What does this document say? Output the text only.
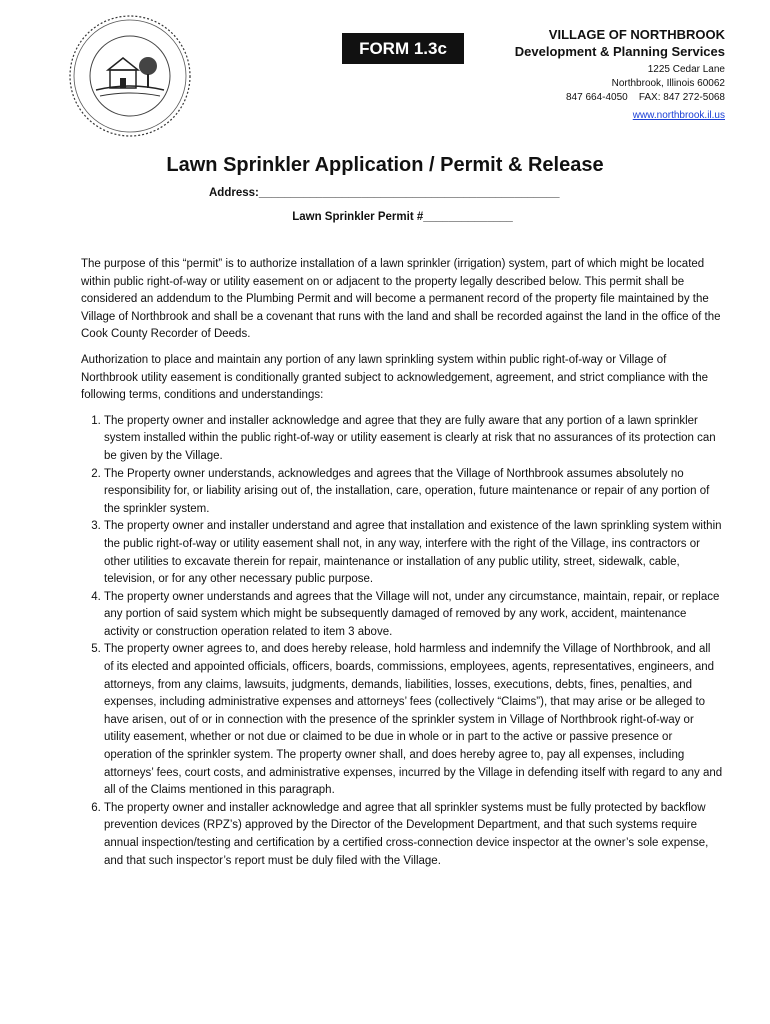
FORM 1.3c
VILLAGE OF NORTHBROOK
Development & Planning Services
1225 Cedar Lane
Northbrook, Illinois 60062
847 664-4050    FAX: 847 272-5068
www.northbrook.il.us
Lawn Sprinkler Application / Permit & Release
Address:_______________________________________________
Lawn Sprinkler Permit #______________

The purpose of this “permit” is to authorize installation of a lawn sprinkler (irrigation) system, part of which might be located within public right-of-way or utility easement on or adjacent to the property legally described below. This permit shall be considered an addendum to the Plumbing Permit and will become a permanent record of the property file maintained by the Village of Northbrook and shall be a covenant that runs with the land and shall be recorded against the land in the office of the Cook County Recorder of Deeds.

Authorization to place and maintain any portion of any lawn sprinkling system within public right-of-way or Village of Northbrook utility easement is conditionally granted subject to acknowledgement, agreement, and strict compliance with the following terms, conditions and understandings:

1. The property owner and installer acknowledge and agree that they are fully aware that any portion of a lawn sprinkler system installed within the public right-of-way or utility easement is clearly at risk that no assurances of its protection can be given by the Village.
2. The Property owner understands, acknowledges and agrees that the Village of Northbrook assumes absolutely no responsibility for, or liability arising out of, the installation, care, operation, future maintenance or repair of any portion of the sprinkler system.
3. The property owner and installer understand and agree that installation and existence of the lawn sprinkling system within the public right-of-way or utility easement shall not, in any way, interfere with the right of the Village, ins contractors or other utilities to excavate therein for repair, maintenance or installation of any public utility, street, sidewalk, cable, television, or for any other necessary public purpose.
4. The property owner understands and agrees that the Village will not, under any circumstance, maintain, repair, or replace any portion of said system which might be subsequently damaged of removed by any work, accident, maintenance activity or construction operation related to item 3 above.
5. The property owner agrees to, and does hereby release, hold harmless and indemnify the Village of Northbrook, and all of its elected and appointed officials, officers, boards, commissions, employees, agents, representatives, engineers, and attorneys, from any claims, lawsuits, judgments, demands, liabilities, losses, executions, debts, fines, penalties, and expenses, including administrative expenses and attorneys’ fees (collectively “Claims”), that may arise or be alleged to have arisen, out of or in connection with the presence of the sprinkler system in Village of Northbrook right-of-way or utility easement, whether or not due or claimed to be due in whole or in part to the active or passive presence or operation of the sprinkler system. The property owner shall, and does hereby agree to, pay all expenses, including attorneys’ fees, court costs, and administrative expenses, incurred by the Village in defending itself with regard to any and all of the Claims mentioned in this paragraph.
6. The property owner and installer acknowledge and agree that all sprinkler systems must be fully protected by backflow prevention devices (RPZ’s) approved by the Director of the Development Department, and that such systems require annual inspection/testing and certification by a certified cross-connection device inspector at the owner’s sole expense, and that such inspector’s report must be duly filed with the Village.
